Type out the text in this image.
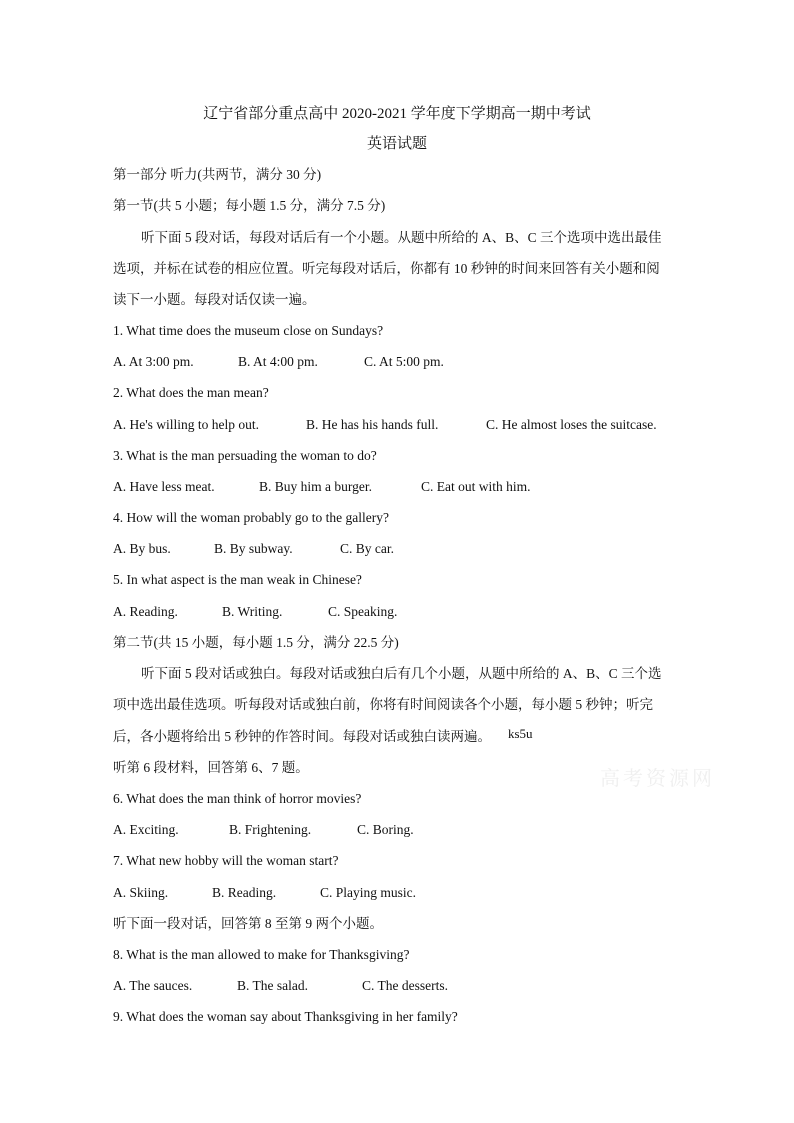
辽宁省部分重点高中 2020-2021 学年度下学期高一期中考试
英语试题
第一部分 听力(共两节，满分 30 分)
第一节(共 5 小题；每小题 1.5 分，满分 7.5 分)
听下面 5 段对话，每段对话后有一个小题。从题中所给的 A、B、C 三个选项中选出最佳
选项，并标在试卷的相应位置。听完每段对话后，你都有 10 秒钟的时间来回答有关小题和阅
读下一小题。每段对话仅读一遍。
1. What time does the museum close on Sundays?
A. At 3:00 pm.	B. At 4:00 pm.	C. At 5:00 pm.
2. What does the man mean?
A. He's willing to help out.	B. He has his hands full.	C. He almost loses the suitcase.
3. What is the man persuading the woman to do?
A. Have less meat.	B. Buy him a burger.	C. Eat out with him.
4. How will the woman probably go to the gallery?
A. By bus.	B. By subway.	C. By car.
5. In what aspect is the man weak in Chinese?
A. Reading.	B. Writing.	C. Speaking.
第二节(共 15 小题，每小题 1.5 分，满分 22.5 分)
听下面 5 段对话或独白。每段对话或独白后有几个小题，从题中所给的 A、B、C 三个选
项中选出最佳选项。听每段对话或独白前，你将有时间阅读各个小题，每小题 5 秒钟；听完
后，各小题将给出 5 秒钟的作答时间。每段对话或独白读两遍。 ks5u
高考资源网
听第 6 段材料，回答第 6、7 题。
6. What does the man think of horror movies?
A. Exciting.	B. Frightening.	C. Boring.
7. What new hobby will the woman start?
A. Skiing.	B. Reading.	C. Playing music.
听下面一段对话，回答第 8 至第 9 两个小题。
8. What is the man allowed to make for Thanksgiving?
A. The sauces.	B. The salad.	C. The desserts.
9. What does the woman say about Thanksgiving in her family?
